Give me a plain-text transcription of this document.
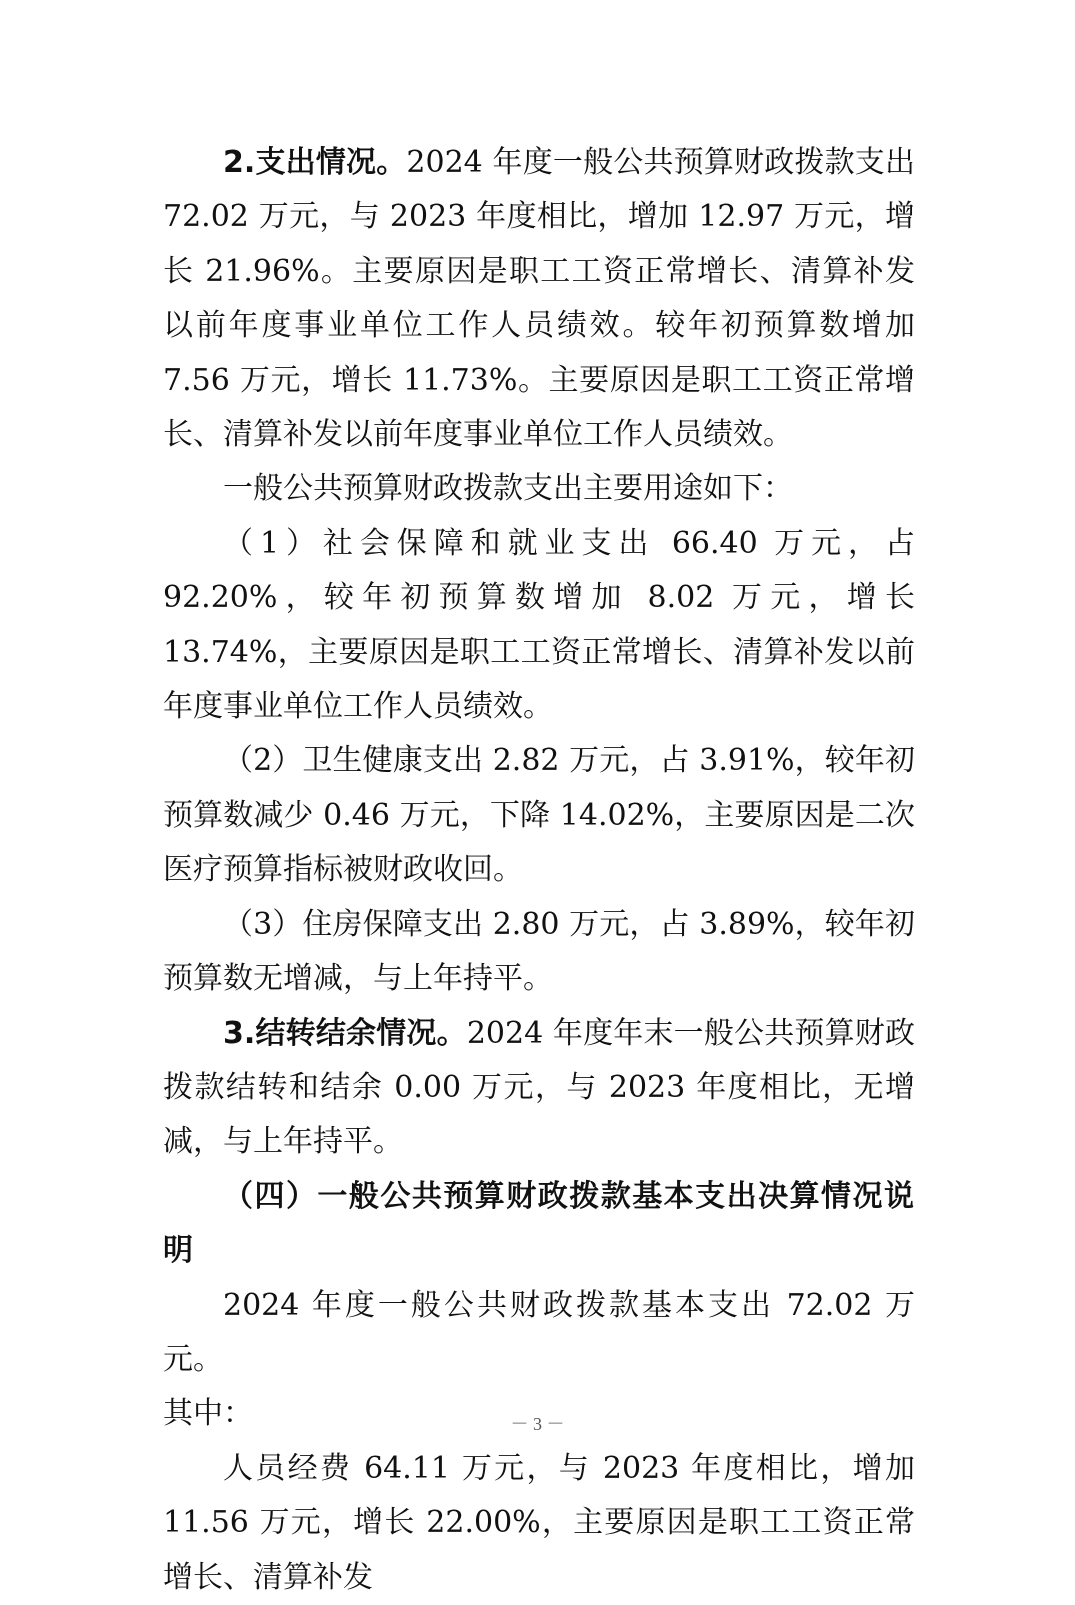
2.支出情况。2024 年度一般公共预算财政拨款支出 72.02 万元，与 2023 年度相比，增加 12.97 万元，增长 21.96%。主要原因是职工工资正常增长、清算补发以前年度事业单位工作人员绩效。较年初预算数增加 7.56 万元，增长 11.73%。主要原因是职工工资正常增长、清算补发以前年度事业单位工作人员绩效。

一般公共预算财政拨款支出主要用途如下：

（1）社会保障和就业支出 66.40 万元，占 92.20%，较年初预算数增加 8.02 万元，增长 13.74%，主要原因是职工工资正常增长、清算补发以前年度事业单位工作人员绩效。

（2）卫生健康支出 2.82 万元，占 3.91%，较年初预算数减少 0.46 万元，下降 14.02%，主要原因是二次医疗预算指标被财政收回。

（3）住房保障支出 2.80 万元，占 3.89%，较年初预算数无增减，与上年持平。

3.结转结余情况。2024 年度年末一般公共预算财政拨款结转和结余 0.00 万元，与 2023 年度相比，无增减，与上年持平。

（四）一般公共预算财政拨款基本支出决算情况说明

2024 年度一般公共财政拨款基本支出 72.02 万元。

其中：

人员经费 64.11 万元，与 2023 年度相比，增加 11.56 万元，增长 22.00%，主要原因是职工工资正常增长、清算补发

－ 3 －
